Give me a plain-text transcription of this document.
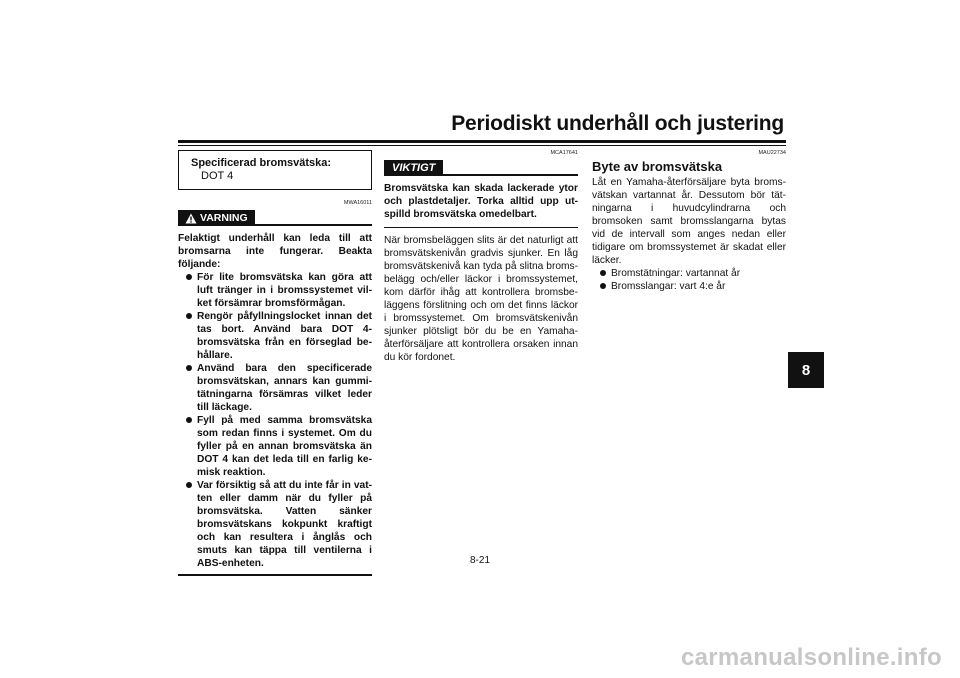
Periodiskt underhåll och justering
8
Specificerad bromsvätska:
DOT 4
MWA16011
VARNING
Felaktigt underhåll kan leda till att bromsarna inte fungerar. Beakta följande:
För lite bromsvätska kan göra att luft tränger in i bromssystemet vilket försämrar bromsförmågan.
Rengör påfyllningslocket innan det tas bort. Använd bara DOT 4-bromsvätska från en förseglad behållare.
Använd bara den specificerade bromsvätskan, annars kan gummitätningarna försämras vilket leder till läckage.
Fyll på med samma bromsvätska som redan finns i systemet. Om du fyller på en annan bromsvätska än DOT 4 kan det leda till en farlig kemisk reaktion.
Var försiktig så att du inte får in vatten eller damm när du fyller på bromsvätska. Vatten sänker bromsvätskans kokpunkt kraftigt och kan resultera i ånglås och smuts kan täppa till ventilerna i ABS-enheten.
MCA17641
VIKTIGT
Bromsvätska kan skada lackerade ytor och plastdetaljer. Torka alltid upp utspilld bromsvätska omedelbart.
När bromsbeläggen slits är det naturligt att bromsvätskenivån gradvis sjunker. En låg bromsvätskenivå kan tyda på slitna bromsbelägg och/eller läckor i bromssystemet, kom därför ihåg att kontrollera bromsbeläggens förslitning och om det finns läckor i bromssystemet. Om bromsvätskenivån sjunker plötsligt bör du be en Yamaha-återförsäljare att kontrollera orsaken innan du kör fordonet.
MAU22734
Byte av bromsvätska
Låt en Yamaha-återförsäljare byta bromsvätskan vartannat år. Dessutom bör tätningarna i huvudcylindrarna och bromsoken samt bromsslangarna bytas vid de intervall som anges nedan eller tidigare om bromssystemet är skadat eller läcker.
Bromstätningar: vartannat år
Bromsslangar: vart 4:e år
8-21
carmanualsonline.info
